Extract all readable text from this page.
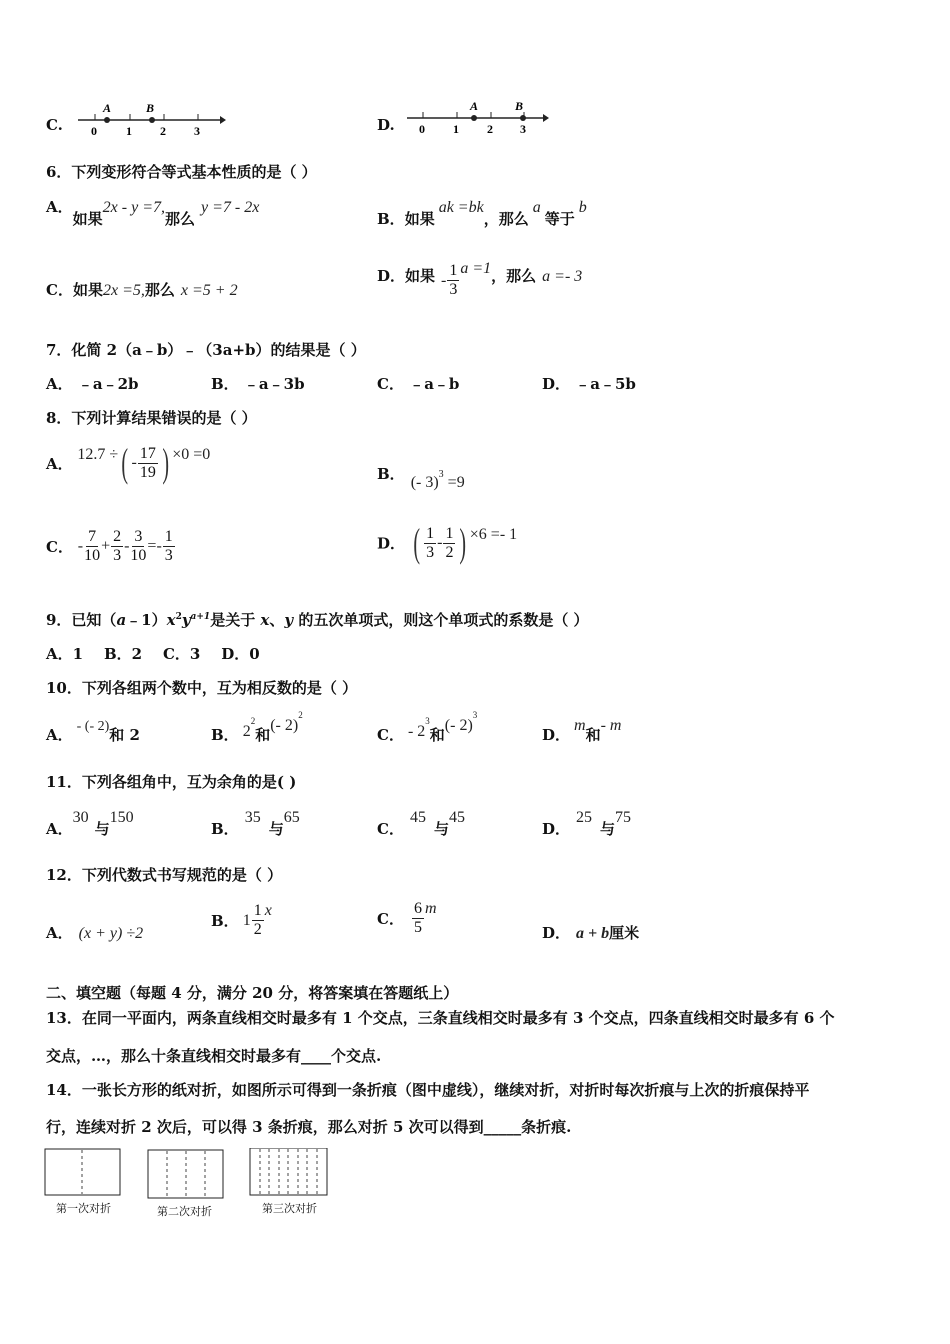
C.
A	B
0 1 2 3	D.
A	B
0 1 2 3
6．下列变形符合等式基本性质的是（ ）
A．如果2x - y =7,那么y =7 - 2x
B．如果ak =bk，那么a等于b
C．如果2x =5,那么 x =5 + 2
D．如果 - $\frac{1}{3}$ a =1，那么 a =- 3
7．化简 2（a﹣b）﹣（3a+b）的结果是（ ）
A． ﹣a﹣2b	B． ﹣a﹣3b	C． ﹣a﹣b	D． ﹣a﹣5b
8．下列计算结果错误的是（ ）
A． 12.7 ÷( - $\frac{17}{19}$ ) ×0 =0
B． (- 3)$^3$ =9
C． - $\frac{7}{10} + \frac{2}{3} - \frac{3}{10} =- \frac{1}{3}$	D． ( $\frac{1}{3} - \frac{1}{2}$ ) ×6 =- 1
9．已知$(a﹣1)x^2y^{a+1}$是关于 x、y 的五次单项式，则这个单项式的系数是（ ）
A．1    B．2    C．3    D．0
10．下列各组两个数中，互为相反数的是（ ）
A． - (- 2)和 2	B． $2^2$和(- 2)$^2$
C． - $2^3$和(- 2)$^3$
D．m和- m
11．下列各组角中，互为余角的是( )
A．30与150
B．35与65
C．45与45
D．25与75
12．下列代数式书写规范的是（ ）
A． (x + y) ÷2
B． $1 \frac{1}{2}$ x	C． $\frac{6}{5}$ m
D． a + b厘米
二、填空题（每题 4 分，满分 20 分，将答案填在答题纸上）
13．在同一平面内，两条直线相交时最多有 1 个交点，三条直线相交时最多有 3 个交点，四条直线相交时最多有 6 个
交点，…，那么十条直线相交时最多有____个交点.
14．一张长方形的纸对折，如图所示可得到一条折痕（图中虚线），继续对折，对折时每次折痕与上次的折痕保持平
行，连续对折 2 次后，可以得 3 条折痕，那么对折 5 次可以得到_____条折痕.
第一次对折	第二次对折	第三次对折
